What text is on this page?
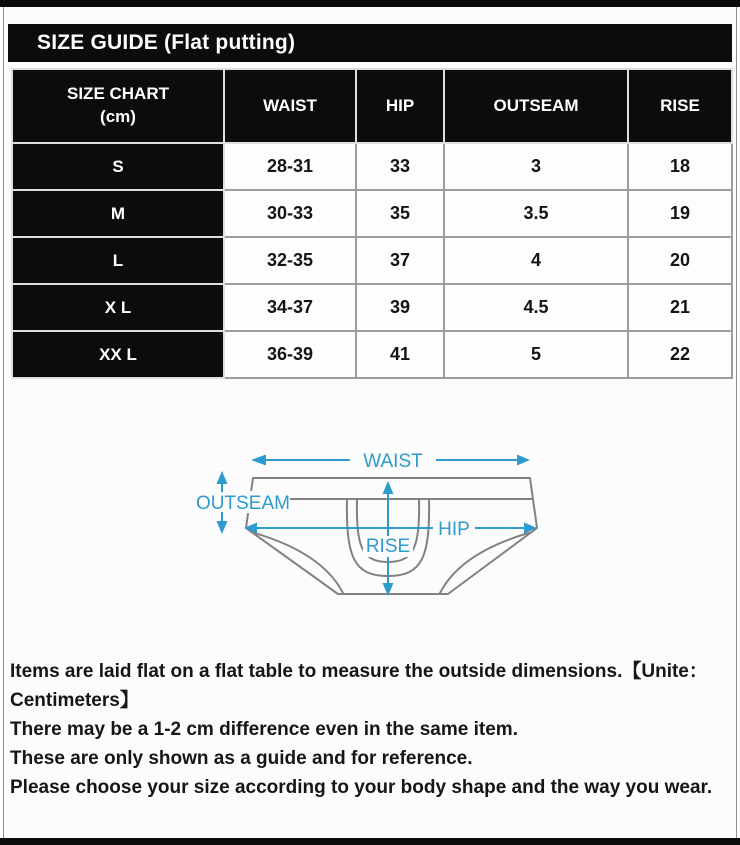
SIZE GUIDE (Flat putting)
SIZE CHART
(cm)	WAIST	HIP	OUTSEAM	RISE
S	28-31	33	3	18
M	30-33	35	3.5	19
L	32-35	37	4	20
X L	34-37	39	4.5	21
XX L	36-39	41	5	22
WAIST
OUTSEAM
HIP
RISE
Items are laid flat on a flat table to measure the outside dimensions.【Unite：
Centimeters】
There may be a 1-2 cm difference even in the same item.
These are only shown as a guide and for reference.
Please choose your size according to your body shape and the way you wear.
